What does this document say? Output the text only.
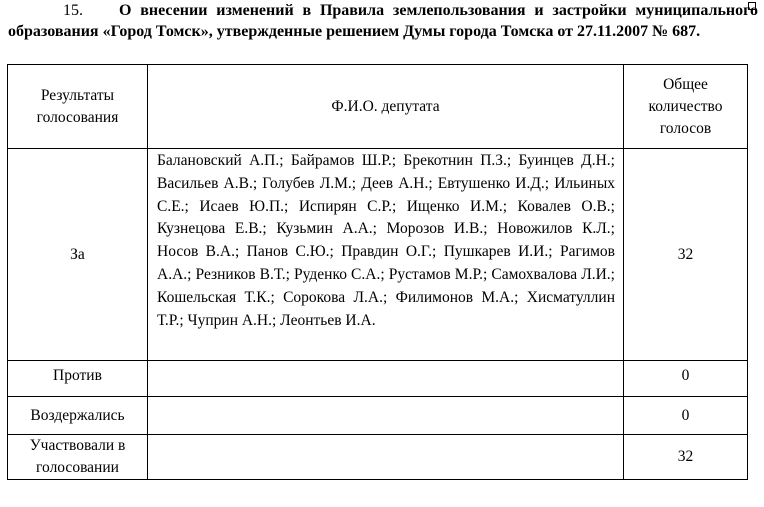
15. О внесении изменений в Правила землепользования и застройки муниципального образования «Город Томск», утвержденные решением Думы города Томска от 27.11.2007 № 687.
Результаты голосования	Ф.И.О. депутата	Общее количество голосов
За	Балановский А.П.; Байрамов Ш.Р.; Брекотнин П.З.; Буинцев Д.Н.; Васильев А.В.; Голубев Л.М.; Деев А.Н.; Евтушенко И.Д.; Ильиных С.Е.; Исаев Ю.П.; Испирян С.Р.; Ищенко И.М.; Ковалев О.В.; Кузнецова Е.В.; Кузьмин А.А.; Морозов И.В.; Новожилов К.Л.; Носов В.А.; Панов С.Ю.; Правдин О.Г.; Пушкарев И.И.; Рагимов А.А.; Резников В.Т.; Руденко С.А.; Рустамов М.Р.; Самохвалова Л.И.; Кошельская Т.К.; Сорокова Л.А.; Филимонов М.А.; Хисматуллин Т.Р.; Чуприн А.Н.; Леонтьев И.А.	32
Против		0
Воздержались		0
Участвовали в голосовании		32
